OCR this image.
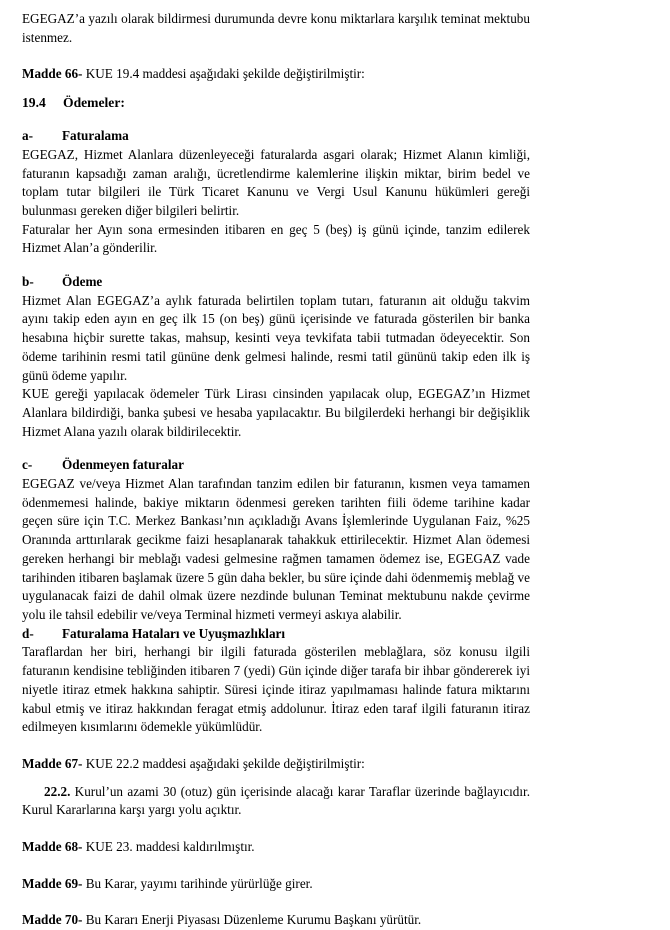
EGEGAZ’a yazılı olarak bildirmesi durumunda devre konu miktarlara karşılık teminat mektubu istenmez.

Madde 66- KUE 19.4 maddesi aşağıdaki şekilde değiştirilmiştir:

19.4 Ödemeler:
a- Faturalama

EGEGAZ, Hizmet Alanlara düzenleyeceği faturalarda asgari olarak; Hizmet Alanın kimliği, faturanın kapsadığı zaman aralığı, ücretlendirme kalemlerine ilişkin miktar, birim bedel ve toplam tutar bilgileri ile Türk Ticaret Kanunu ve Vergi Usul Kanunu hükümleri gereği bulunması gereken diğer bilgileri belirtir.

Faturalar her Ayın sona ermesinden itibaren en geç 5 (beş) iş günü içinde, tanzim edilerek Hizmet Alan’a gönderilir.

b- Ödeme

Hizmet Alan EGEGAZ’a aylık faturada belirtilen toplam tutarı, faturanın ait olduğu takvim ayını takip eden ayın en geç ilk 15 (on beş) günü içerisinde ve faturada gösterilen bir banka hesabına hiçbir surette takas, mahsup, kesinti veya tevkifata tabii tutmadan ödeyecektir. Son ödeme tarihinin resmi tatil gününe denk gelmesi halinde, resmi tatil gününü takip eden ilk iş günü ödeme yapılır.

KUE gereği yapılacak ödemeler Türk Lirası cinsinden yapılacak olup, EGEGAZ’ın Hizmet Alanlara bildirdiği, banka şubesi ve hesaba yapılacaktır. Bu bilgilerdeki herhangi bir değişiklik Hizmet Alana yazılı olarak bildirilecektir.

c- Ödenmeyen faturalar

EGEGAZ ve/veya Hizmet Alan tarafından tanzim edilen bir faturanın, kısmen veya tamamen ödenmemesi halinde, bakiye miktarın ödenmesi gereken tarihten fiili ödeme tarihine kadar geçen süre için T.C. Merkez Bankası’nın açıkladığı Avans İşlemlerinde Uygulanan Faiz, %25 Oranında arttırılarak gecikme faizi hesaplanarak tahakkuk ettirilecektir. Hizmet Alan ödemesi gereken herhangi bir meblağı vadesi gelmesine rağmen tamamen ödemez ise, EGEGAZ vade tarihinden itibaren başlamak üzere 5 gün daha bekler, bu süre içinde dahi ödenmemiş meblağ ve uygulanacak faizi de dahil olmak üzere nezdinde bulunan Teminat mektubunu nakde çevirme yolu ile tahsil edebilir ve/veya Terminal hizmeti vermeyi askıya alabilir.

d- Faturalama Hataları ve Uyuşmazlıkları

Taraflardan her biri, herhangi bir ilgili faturada gösterilen meblağlara, söz konusu ilgili faturanın kendisine tebliğinden itibaren 7 (yedi) Gün içinde diğer tarafa bir ihbar göndererek iyi niyetle itiraz etmek hakkına sahiptir. Süresi içinde itiraz yapılmaması halinde fatura miktarını kabul etmiş ve itiraz hakkından feragat etmiş addolunur. İtiraz eden taraf ilgili faturanın itiraz edilmeyen kısımlarını ödemekle yükümlüdür.

Madde 67- KUE 22.2 maddesi aşağıdaki şekilde değiştirilmiştir:

22.2. Kurul’un azami 30 (otuz) gün içerisinde alacağı karar Taraflar üzerinde bağlayıcıdır. Kurul Kararlarına karşı yargı yolu açıktır.

Madde 68- KUE 23. maddesi kaldırılmıştır.

Madde 69- Bu Karar, yayımı tarihinde yürürlüğe girer.

Madde 70- Bu Kararı Enerji Piyasası Düzenleme Kurumu Başkanı yürütür.
